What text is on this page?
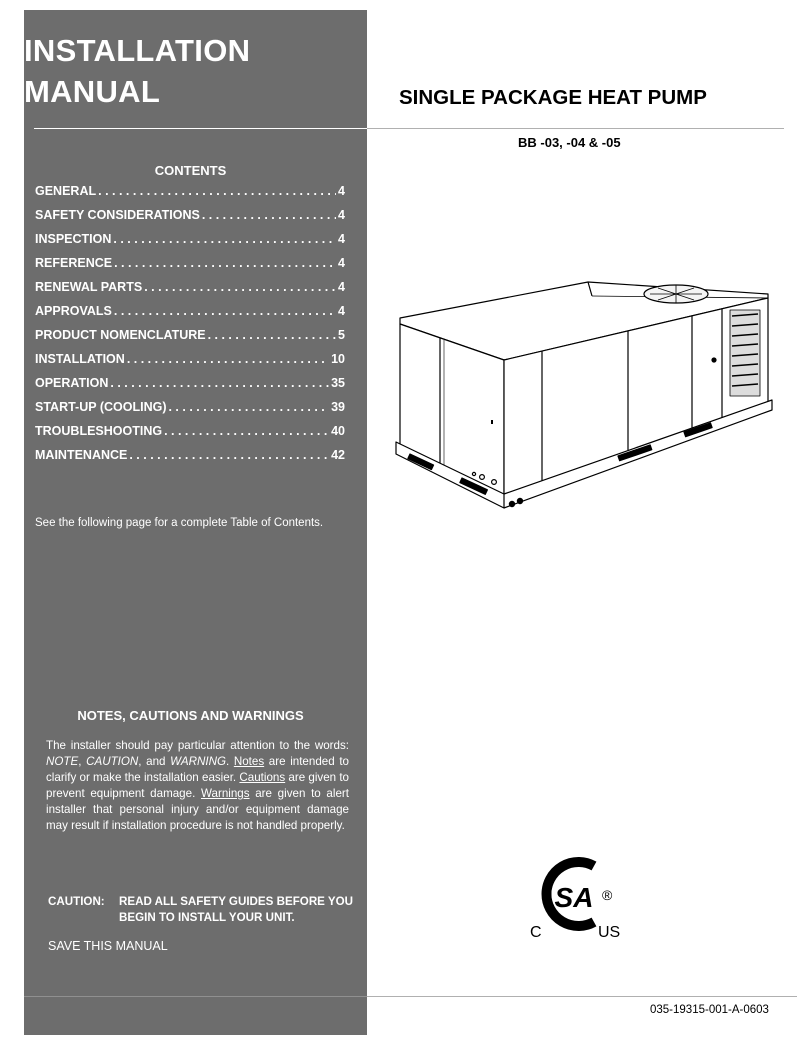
INSTALLATION
MANUAL
CONTENTS
GENERAL . . .	4
SAFETY CONSIDERATIONS . . .	4
INSPECTION . . .	4
REFERENCE . . .	4
RENEWAL PARTS . . .	4
APPROVALS . . .	4
PRODUCT NOMENCLATURE . . .	5
INSTALLATION . . .	10
OPERATION . . .	35
START-UP (COOLING) . . .	39
TROUBLESHOOTING . . .	40
MAINTENANCE . . .	42
See the following page for a complete Table of Contents.
NOTES, CAUTIONS AND WARNINGS
The installer should pay particular attention to the words: NOTE, CAUTION, and WARNING. Notes are intended to clarify or make the installation easier. Cautions are given to prevent equipment damage. Warnings are given to alert installer that personal injury and/or equipment damage may result if installation procedure is not handled properly.
CAUTION: READ ALL SAFETY GUIDES BEFORE YOU BEGIN TO INSTALL YOUR UNIT.
SAVE THIS MANUAL
SINGLE PACKAGE HEAT PUMP
BB -03, -04 & -05
SA ®
C	US
035-19315-001-A-0603
